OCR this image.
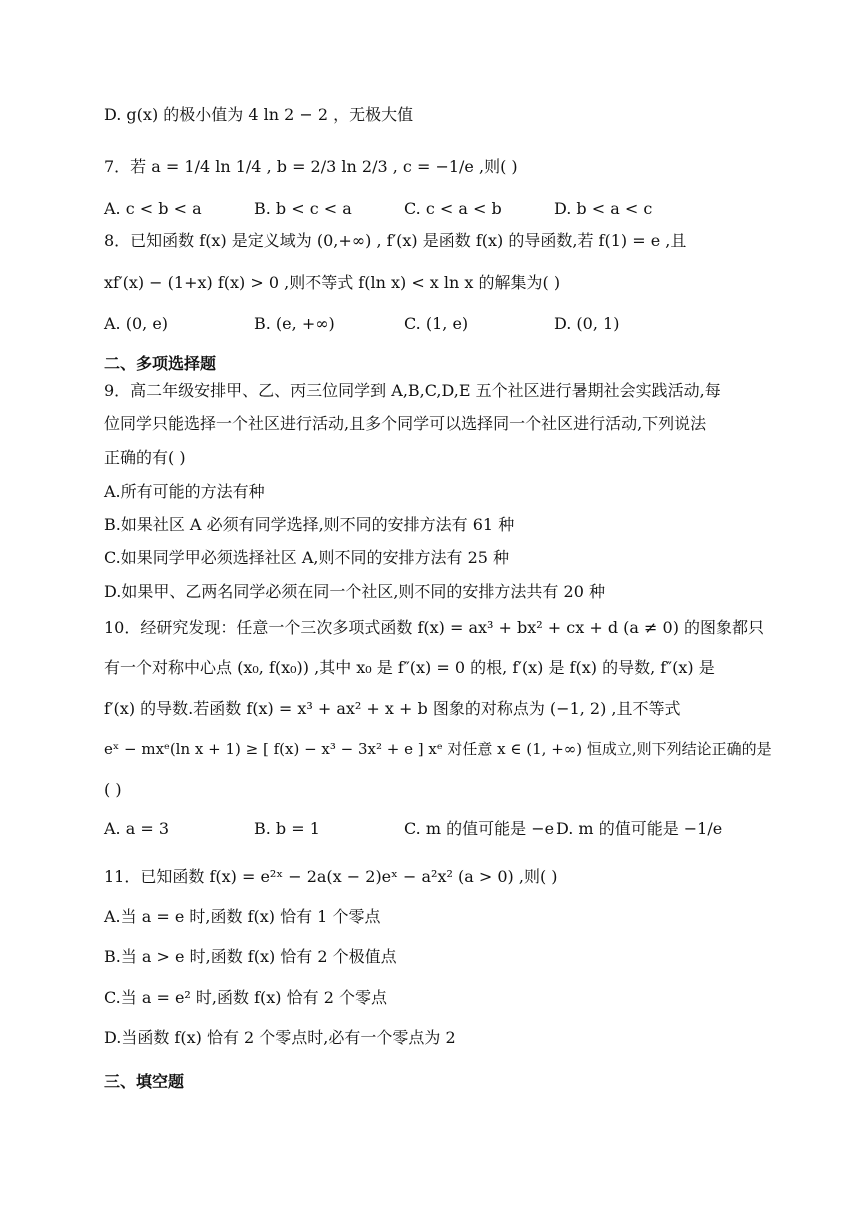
D. g(x) 的极小值为 4 ln 2 − 2 ，无极大值
7．若 a = 1/4 ln 1/4 , b = 2/3 ln 2/3 , c = −1/e ,则( )
A. c < b < a	B. b < c < a	C. c < a < b	D. b < a < c
8．已知函数 f(x) 是定义域为 (0,+∞) , f′(x) 是函数 f(x) 的导函数,若 f(1) = e ,且
xf′(x) − (1+x) f(x) > 0 ,则不等式 f(ln x) < x ln x 的解集为( )
A. (0, e)	B. (e, +∞)	C. (1, e)	D. (0, 1)
二、多项选择题
9．高二年级安排甲、乙、丙三位同学到 A,B,C,D,E 五个社区进行暑期社会实践活动,每
位同学只能选择一个社区进行活动,且多个同学可以选择同一个社区进行活动,下列说法
正确的有( )
A.所有可能的方法有种
B.如果社区 A 必须有同学选择,则不同的安排方法有 61 种
C.如果同学甲必须选择社区 A,则不同的安排方法有 25 种
D.如果甲、乙两名同学必须在同一个社区,则不同的安排方法共有 20 种
10．经研究发现：任意一个三次多项式函数 f(x) = ax³ + bx² + cx + d (a ≠ 0) 的图象都只
有一个对称中心点 (x₀, f(x₀)) ,其中 x₀ 是 f″(x) = 0 的根, f′(x) 是 f(x) 的导数, f″(x) 是
f′(x) 的导数.若函数 f(x) = x³ + ax² + x + b 图象的对称点为 (−1, 2) ,且不等式
eˣ − mxᵉ(ln x + 1) ≥ [ f(x) − x³ − 3x² + e ] xᵉ 对任意 x ∈ (1, +∞) 恒成立,则下列结论正确的是
( )
A. a = 3	B. b = 1	C. m 的值可能是 −e D. m 的值可能是 −1/e
11．已知函数 f(x) = e²ˣ − 2a(x − 2)eˣ − a²x² (a > 0) ,则( )
A.当 a = e 时,函数 f(x) 恰有 1 个零点
B.当 a > e 时,函数 f(x) 恰有 2 个极值点
C.当 a = e² 时,函数 f(x) 恰有 2 个零点
D.当函数 f(x) 恰有 2 个零点时,必有一个零点为 2
三、填空题
